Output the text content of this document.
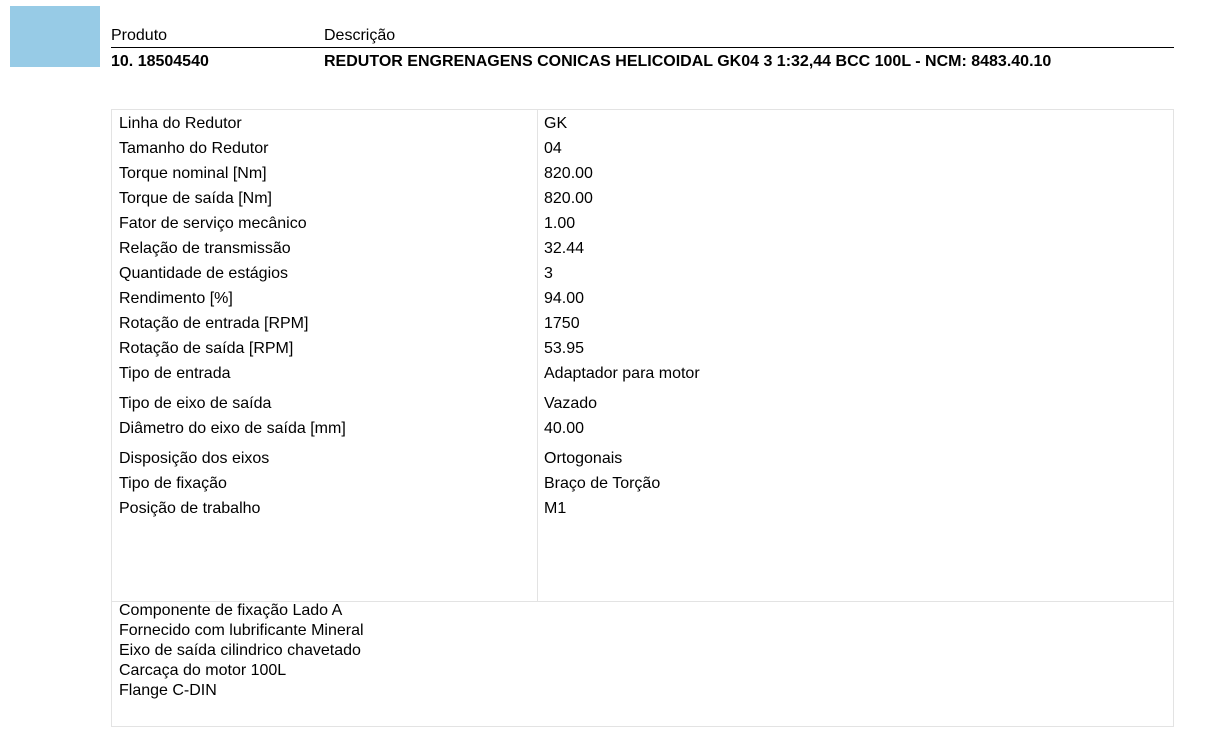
Produto	Descrição
10. 18504540	REDUTOR ENGRENAGENS CONICAS HELICOIDAL GK04 3 1:32,44 BCC 100L - NCM: 8483.40.10
Linha do Redutor	GK
Tamanho do Redutor	04
Torque nominal [Nm]	820.00
Torque de saída [Nm]	820.00
Fator de serviço mecânico	1.00
Relação de transmissão	32.44
Quantidade de estágios	3
Rendimento [%]	94.00
Rotação de entrada [RPM]	1750
Rotação de saída [RPM]	53.95
Tipo de entrada	Adaptador para motor
Tipo de eixo de saída	Vazado
Diâmetro do eixo de saída [mm]	40.00
Disposição dos eixos	Ortogonais
Tipo de fixação	Braço de Torção
Posição de trabalho	M1
Componente de fixação Lado A
Fornecido com lubrificante Mineral
Eixo de saída cilindrico chavetado
Carcaça do motor 100L
Flange C-DIN
